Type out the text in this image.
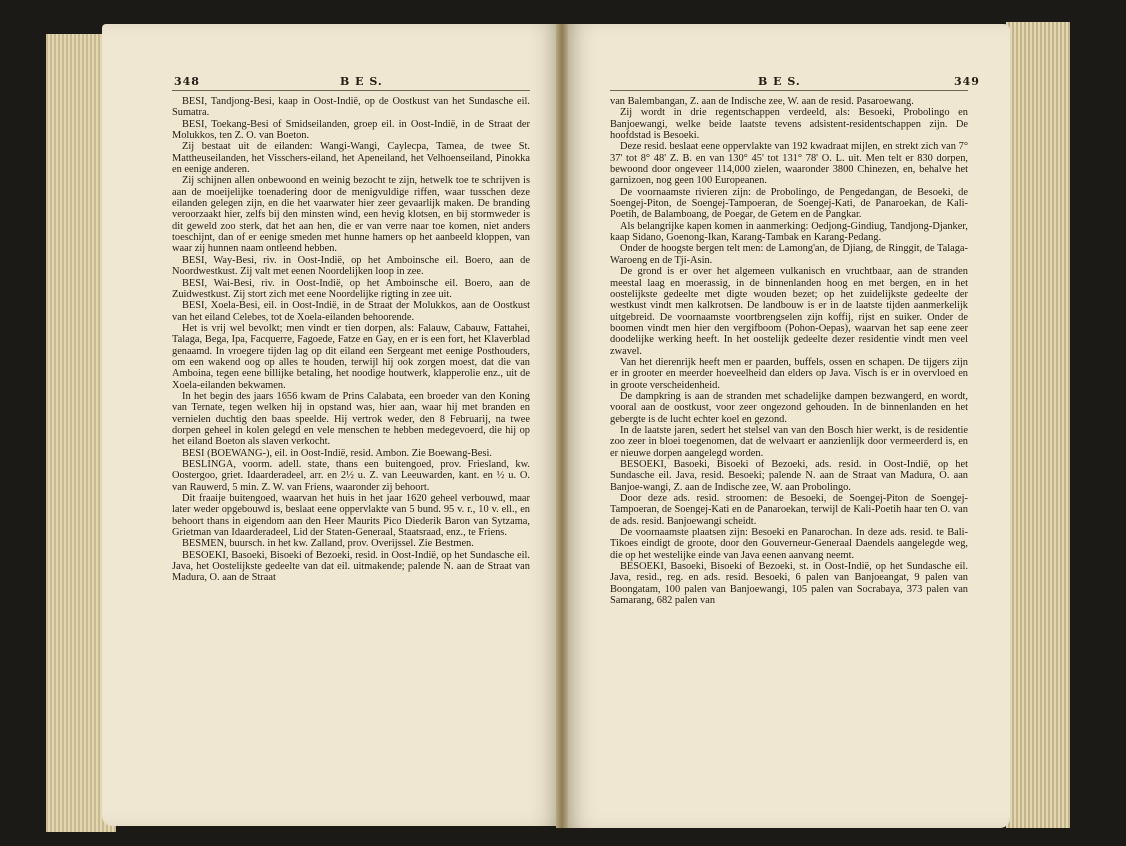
348	B E S.

BESI, Tandjong-Besi, kaap in Oost-Indië, op de Oostkust van het Sundasche eil. Sumatra.

BESI, Toekang-Besi of Smidseilanden, groep eil. in Oost-Indië, in de Straat der Molukkos, ten Z. O. van Boeton.

Zij bestaat uit de eilanden: Wangi-Wangi, Caylecpa, Tamea, de twee St. Mattheuseilanden, het Visschers-eiland, het Apeneiland, het Velhoenseiland, Pinokka en eenige anderen.

Zij schijnen allen onbewoond en weinig bezocht te zijn, hetwelk toe te schrijven is aan de moeijelijke toenadering door de menigvuldige riffen, waar tusschen deze eilanden gelegen zijn, en die het vaarwater hier zeer gevaarlijk maken. De branding veroorzaakt hier, zelfs bij den minsten wind, een hevig klotsen, en bij stormweder is dit geweld zoo sterk, dat het aan hen, die er van verre naar toe komen, niet anders toeschijnt, dan of er eenige smeden met hunne hamers op het aanbeeld kloppen, van waar zij hunnen naam ontleend hebben.

BESI, Way-Besi, riv. in Oost-Indië, op het Amboinsche eil. Boero, aan de Noordwestkust. Zij valt met eenen Noordelijken loop in zee.

BESI, Wai-Besi, riv. in Oost-Indië, op het Amboinsche eil. Boero, aan de Zuidwestkust. Zij stort zich met eene Noordelijke rigting in zee uit.

BESI, Xoela-Besi, eil. in Oost-Indië, in de Straat der Molukkos, aan de Oostkust van het eiland Celebes, tot de Xoela-eilanden behoorende.

Het is vrij wel bevolkt; men vindt er tien dorpen, als: Falauw, Cabauw, Fattahei, Talaga, Bega, Ipa, Facquerre, Fagoede, Fatze en Gay, en er is een fort, het Klaverblad genaamd. In vroegere tijden lag op dit eiland een Sergeant met eenige Posthouders, om een wakend oog op alles te houden, terwijl hij ook zorgen moest, dat die van Amboina, tegen eene billijke betaling, het noodige houtwerk, klapperolie enz., uit de Xoela-eilanden bekwamen.

In het begin des jaars 1656 kwam de Prins Calabata, een broeder van den Koning van Ternate, tegen welken hij in opstand was, hier aan, waar hij met branden en vernielen duchtig den baas speelde. Hij vertrok weder, den 8 Februarij, na twee dorpen geheel in kolen gelegd en vele menschen te hebben medegevoerd, die hij op het eiland Boeton als slaven verkocht.

BESI (BOEWANG-), eil. in Oost-Indië, resid. Ambon. Zie Boewang-Besi.

BESLINGA, voorm. adell. state, thans een buitengoed, prov. Friesland, kw. Oostergoo, griet. Idaarderadeel, arr. en 2½ u. Z. van Leeuwarden, kant. en ½ u. O. van Rauwerd, 5 min. Z. W. van Friens, waaronder zij behoort.

Dit fraaije buitengoed, waarvan het huis in het jaar 1620 geheel verbouwd, maar later weder opgebouwd is, beslaat eene oppervlakte van 5 bund. 95 v. r., 10 v. ell., en behoort thans in eigendom aan den Heer Maurits Pico Diederik Baron van Sytzama, Grietman van Idaarderadeel, Lid der Staten-Generaal, Staatsraad, enz., te Friens.

BESMEN, buursch. in het kw. Zalland, prov. Overijssel. Zie Bestmen.

BESOEKI, Basoeki, Bisoeki of Bezoeki, resid. in Oost-Indië, op het Sundasche eil. Java, het Oostelijkste gedeelte van dat eil. uitmakende; palende N. aan de Straat van Madura, O. aan de Straat

B E S.	349

van Balembangan, Z. aan de Indische zee, W. aan de resid. Pasaroewang.

Zij wordt in drie regentschappen verdeeld, als: Besoeki, Probolingo en Banjoewangi, welke beide laatste tevens adsistent-residentschappen zijn. De hoofdstad is Besoeki.

Deze resid. beslaat eene oppervlakte van 192 kwadraat mijlen, en strekt zich van 7° 37' tot 8° 48' Z. B. en van 130° 45' tot 131° 78' O. L. uit. Men telt er 830 dorpen, bewoond door ongeveer 114,000 zielen, waaronder 3800 Chinezen, en, behalve het garnizoen, nog geen 100 Europeanen.

De voornaamste rivieren zijn: de Probolingo, de Pengedangan, de Besoeki, de Soengej-Piton, de Soengej-Tampoeran, de Soengej-Kati, de Panaroekan, de Kali-Poetih, de Balamboang, de Poegar, de Getem en de Pangkar.

Als belangrijke kapen komen in aanmerking: Oedjong-Gindiug, Tandjong-Djanker, kaap Sidano, Goenong-Ikan, Karang-Tambak en Karang-Pedang.

Onder de hoogste bergen telt men: de Lamong'an, de Djiang, de Ringgit, de Talaga-Waroeng en de Tji-Asin.

De grond is er over het algemeen vulkanisch en vruchtbaar, aan de stranden meestal laag en moerassig, in de binnenlanden hoog en met bergen, en in het oostelijkste gedeelte met digte wouden bezet; op het zuidelijkste gedeelte der westkust vindt men kalkrotsen. De landbouw is er in de laatste tijden aanmerkelijk uitgebreid. De voornaamste voortbrengselen zijn koffij, rijst en suiker. Onder de boomen vindt men hier den vergifboom (Pohon-Oepas), waarvan het sap eene zeer doodelijke werking heeft. In het oostelijk gedeelte dezer residentie vindt men veel zwavel.

Van het dierenrijk heeft men er paarden, buffels, ossen en schapen. De tijgers zijn er in grooter en meerder hoeveelheid dan elders op Java. Visch is er in overvloed en in groote verscheidenheid.

De dampkring is aan de stranden met schadelijke dampen bezwangerd, en wordt, vooral aan de oostkust, voor zeer ongezond gehouden. In de binnenlanden en het gebergte is de lucht echter koel en gezond.

In de laatste jaren, sedert het stelsel van van den Bosch hier werkt, is de residentie zoo zeer in bloei toegenomen, dat de welvaart er aanzienlijk door vermeerderd is, en er nieuwe dorpen aangelegd worden.

BESOEKI, Basoeki, Bisoeki of Bezoeki, ads. resid. in Oost-Indië, op het Sundasche eil. Java, resid. Besoeki; palende N. aan de Straat van Madura, O. aan Banjoe-wangi, Z. aan de Indische zee, W. aan Probolingo.

Door deze ads. resid. stroomen: de Besoeki, de Soengej-Piton de Soengej-Tampoeran, de Soengej-Kati en de Panaroekan, terwijl de Kali-Poetih haar ten O. van de ads. resid. Banjoewangi scheidt.

De voornaamste plaatsen zijn: Besoeki en Panarochan. In deze ads. resid. te Bali-Tikoes eindigt de groote, door den Gouverneur-Generaal Daendels aangelegde weg, die op het westelijke einde van Java eenen aanvang neemt.

BESOEKI, Basoeki, Bisoeki of Bezoeki, st. in Oost-Indië, op het Sundasche eil. Java, resid., reg. en ads. resid. Besoeki, 6 palen van Banjoeangat, 9 palen van Boongatam, 100 palen van Banjoewangi, 105 palen van Socrabaya, 373 palen van Samarang, 682 palen van
